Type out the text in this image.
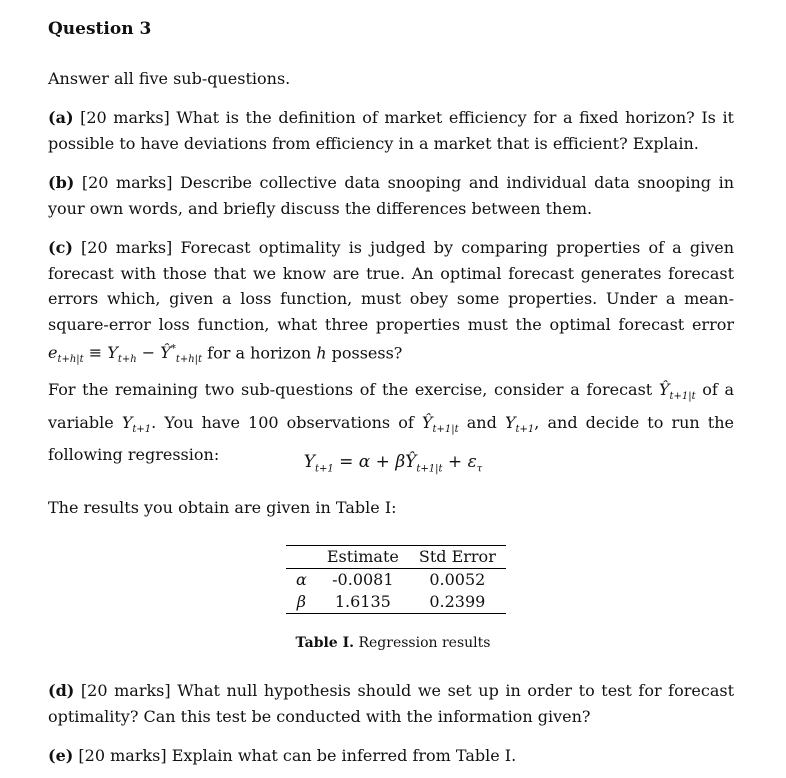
Question 3

Answer all five sub-questions.

(a) [20 marks] What is the definition of market efficiency for a fixed horizon? Is it possible to have deviations from efficiency in a market that is efficient? Explain.

(b) [20 marks] Describe collective data snooping and individual data snooping in your own words, and briefly discuss the differences between them.

(c) [20 marks] Forecast optimality is judged by comparing properties of a given forecast with those that we know are true. An optimal forecast generates forecast errors which, given a loss function, must obey some properties. Under a mean-square-error loss function, what three properties must the optimal forecast error $e_{t+h|t} \equiv Y_{t+h}$ − $Ŷ^*_{t+h|t}$ for a horizon h possess?

For the remaining two sub-questions of the exercise, consider a forecast $Ŷ_{t+1|t}$ of a variable $Y_{t+1}$. You have 100 observations of $Ŷ_{t+1|t}$ and $Y_{t+1}$, and decide to run the following regression:	$Y_{t+1} = \alpha$ + $\beta Ŷ_{t+1|t} + \varepsilon_\tau$

The results you obtain are given in Table I:

	Estimate	Std Error
α	-0.0081	0.0052
β	1.6135	0.2399
Table I. Regression results

(d) [20 marks] What null hypothesis should we set up in order to test for forecast optimality? Can this test be conducted with the information given?

(e) [20 marks] Explain what can be inferred from Table I.
